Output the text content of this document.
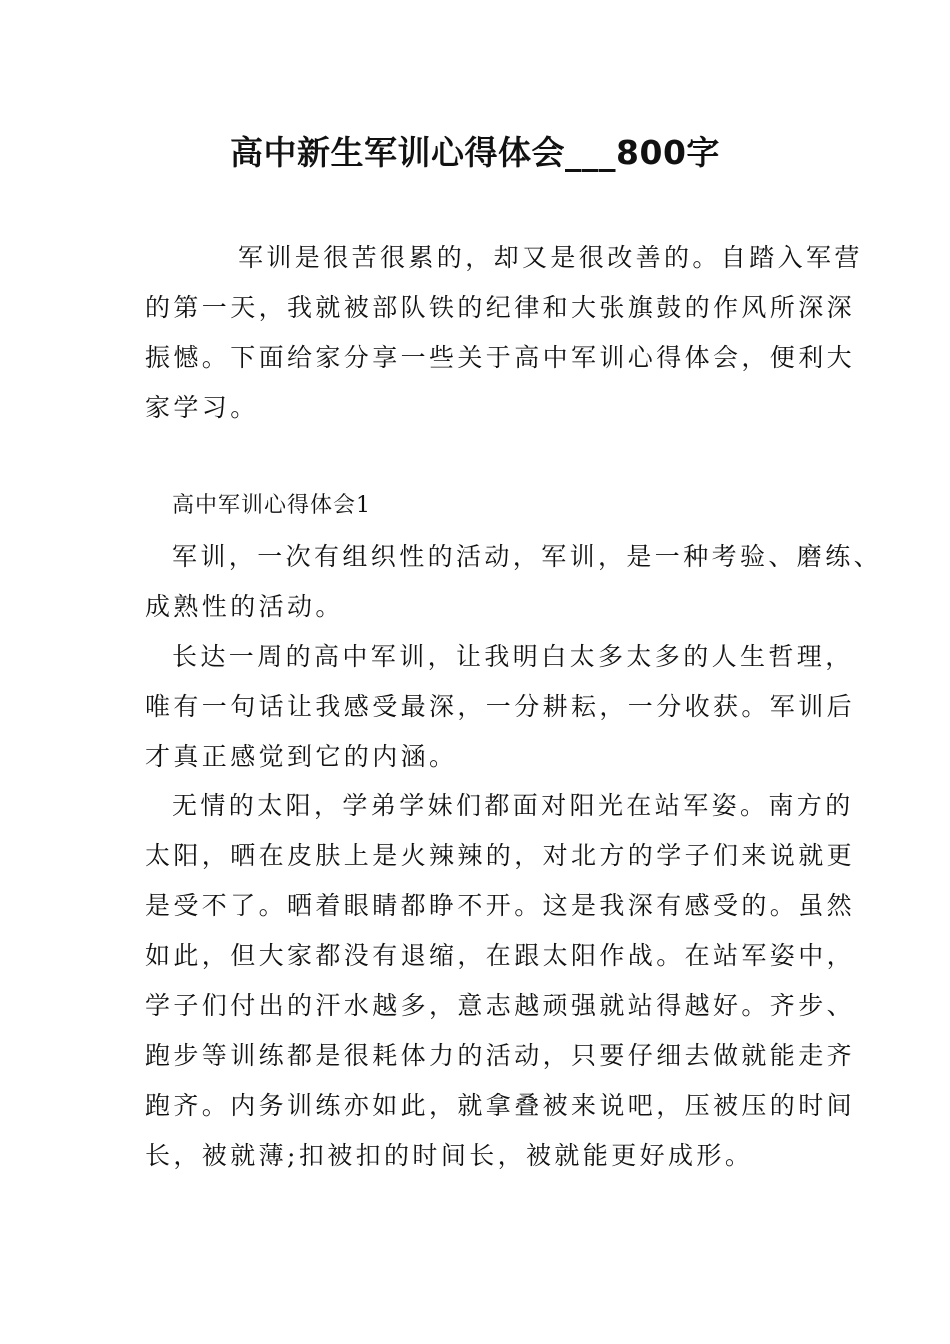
高中新生军训心得体会___800字
军训是很苦很累的，却又是很改善的。自踏入军营
的第一天，我就被部队铁的纪律和大张旗鼓的作风所深深
振憾。下面给家分享一些关于高中军训心得体会，便利大
家学习。
高中军训心得体会1
军训，一次有组织性的活动，军训，是一种考验、磨练、
成熟性的活动。
长达一周的高中军训，让我明白太多太多的人生哲理，
唯有一句话让我感受最深，一分耕耘，一分收获。军训后
才真正感觉到它的内涵。
无情的太阳，学弟学妹们都面对阳光在站军姿。南方的
太阳，晒在皮肤上是火辣辣的，对北方的学子们来说就更
是受不了。晒着眼睛都睁不开。这是我深有感受的。虽然
如此，但大家都没有退缩，在跟太阳作战。在站军姿中，
学子们付出的汗水越多，意志越顽强就站得越好。齐步、
跑步等训练都是很耗体力的活动，只要仔细去做就能走齐
跑齐。内务训练亦如此，就拿叠被来说吧，压被压的时间
长，被就薄;扣被扣的时间长，被就能更好成形。
